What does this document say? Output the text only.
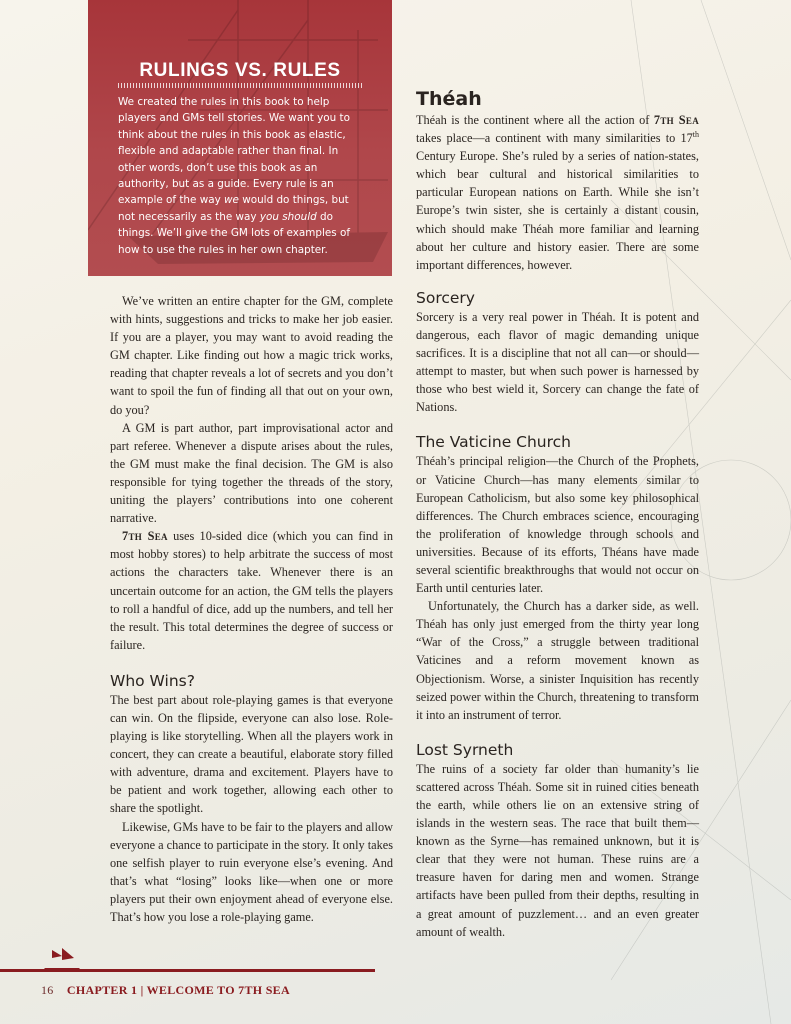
RULINGS VS. RULES

We created the rules in this book to help players and GMs tell stories. We want you to think about the rules in this book as elastic, flexible and adaptable rather than final. In other words, don’t use this book as an authority, but as a guide. Every rule is an example of the way we would do things, but not necessarily as the way you should do things. We’ll give the GM lots of examples of how to use the rules in her own chapter.

We’ve written an entire chapter for the GM, complete with hints, suggestions and tricks to make her job easier. If you are a player, you may want to avoid reading the GM chapter. Like finding out how a magic trick works, reading that chapter reveals a lot of secrets and you don’t want to spoil the fun of finding all that out on your own, do you?

A GM is part author, part improvisational actor and part referee. Whenever a dispute arises about the rules, the GM must make the final decision. The GM is also responsible for tying together the threads of the story, uniting the players’ contributions into one coherent narrative.

7th Sea uses 10-sided dice (which you can find in most hobby stores) to help arbitrate the success of most actions the characters take. Whenever there is an uncertain outcome for an action, the GM tells the players to roll a handful of dice, add up the numbers, and tell her the result. This total determines the degree of success or failure.

Who Wins?

The best part about role-playing games is that everyone can win. On the flipside, everyone can also lose. Role-playing is like storytelling. When all the players work in concert, they can create a beautiful, elaborate story filled with adventure, drama and excitement. Players have to be patient and work together, allowing each other to share the spotlight.

Likewise, GMs have to be fair to the players and allow everyone a chance to participate in the story. It only takes one selfish player to ruin everyone else’s evening. And that’s what “losing” looks like—when one or more players put their own enjoyment ahead of everyone else. That’s how you lose a role-playing game.

Théah

Théah is the continent where all the action of 7th Sea takes place—a continent with many similarities to 17th Century Europe. She’s ruled by a series of nation-states, which bear cultural and historical similarities to particular European nations on Earth. While she isn’t Europe’s twin sister, she is certainly a distant cousin, which should make Théah more familiar and learning about her culture and history easier. There are some important differences, however.

Sorcery

Sorcery is a very real power in Théah. It is potent and dangerous, each flavor of magic demanding unique sacrifices. It is a discipline that not all can—or should—attempt to master, but when such power is harnessed by those who best wield it, Sorcery can change the fate of Nations.

The Vaticine Church

Théah’s principal religion—the Church of the Prophets, or Vaticine Church—has many elements similar to European Catholicism, but also some key philosophical differences. The Church embraces science, encouraging the proliferation of knowledge through schools and universities. Because of its efforts, Théans have made several scientific breakthroughs that would not occur on Earth until centuries later.

Unfortunately, the Church has a darker side, as well. Théah has only just emerged from the thirty year long “War of the Cross,” a struggle between traditional Vaticines and a reform movement known as Objectionism. Worse, a sinister Inquisition has recently seized power within the Church, threatening to transform it into an instrument of terror.

Lost Syrneth

The ruins of a society far older than humanity’s lie scattered across Théah. Some sit in ruined cities beneath the earth, while others lie on an extensive string of islands in the western seas. The race that built them—known as the Syrne—has remained unknown, but it is clear that they were not human. These ruins are a treasure haven for daring men and women. Strange artifacts have been pulled from their depths, resulting in a great amount of puzzlement… and an even greater amount of wealth.

16 CHAPTER 1 | WELCOME TO 7TH SEA
